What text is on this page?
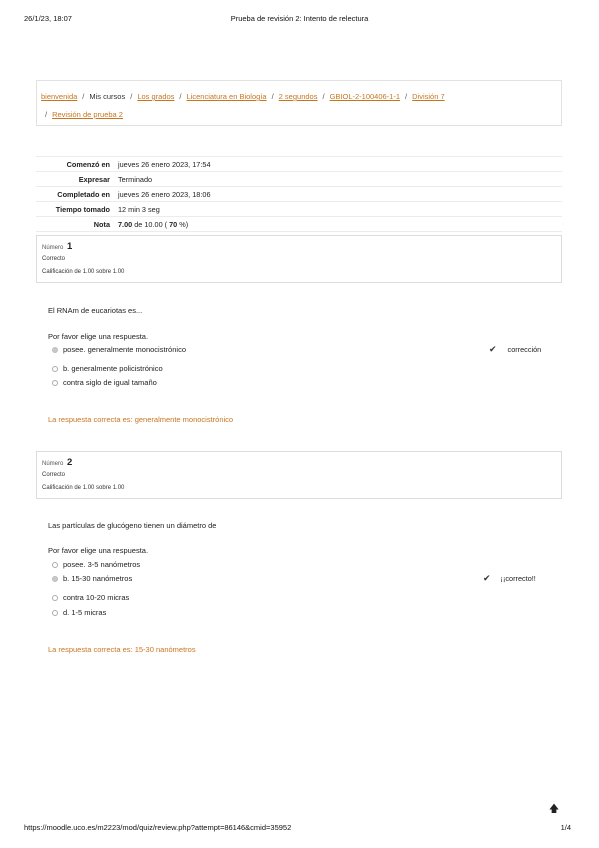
26/1/23, 18:07	Prueba de revisión 2: Intento de relectura
bienvenida / Mis cursos / Los grados / Licenciatura en Biología / 2 segundos / GBIOL-2-100406-1-1 / División 7
/ Revisión de prueba 2
Comenzó en	jueves 26 enero 2023, 17:54
Expresar	Terminado
Completado en	jueves 26 enero 2023, 18:06
Tiempo tomado	12 min 3 seg
Nota	7.00 de 10.00 ( 70 %)
Número 1
Correcto
Calificación de 1.00 sobre 1.00
El RNAm de eucariotas es...
Por favor elige una respuesta.
posee. generalmente monocistrónico	✔ corrección
b. generalmente policistrónico
contra siglo de igual tamaño
La respuesta correcta es: generalmente monocistrónico
Número 2
Correcto
Calificación de 1.00 sobre 1.00
Las partículas de glucógeno tienen un diámetro de
Por favor elige una respuesta.
posee. 3-5 nanómetros
b. 15-30 nanómetros	✔ ¡¡correcto!!
contra 10-20 micras
d. 1-5 micras
La respuesta correcta es: 15-30 nanómetros
🡅
https://moodle.uco.es/m2223/mod/quiz/review.php?attempt=86146&cmid=35952	1/4
